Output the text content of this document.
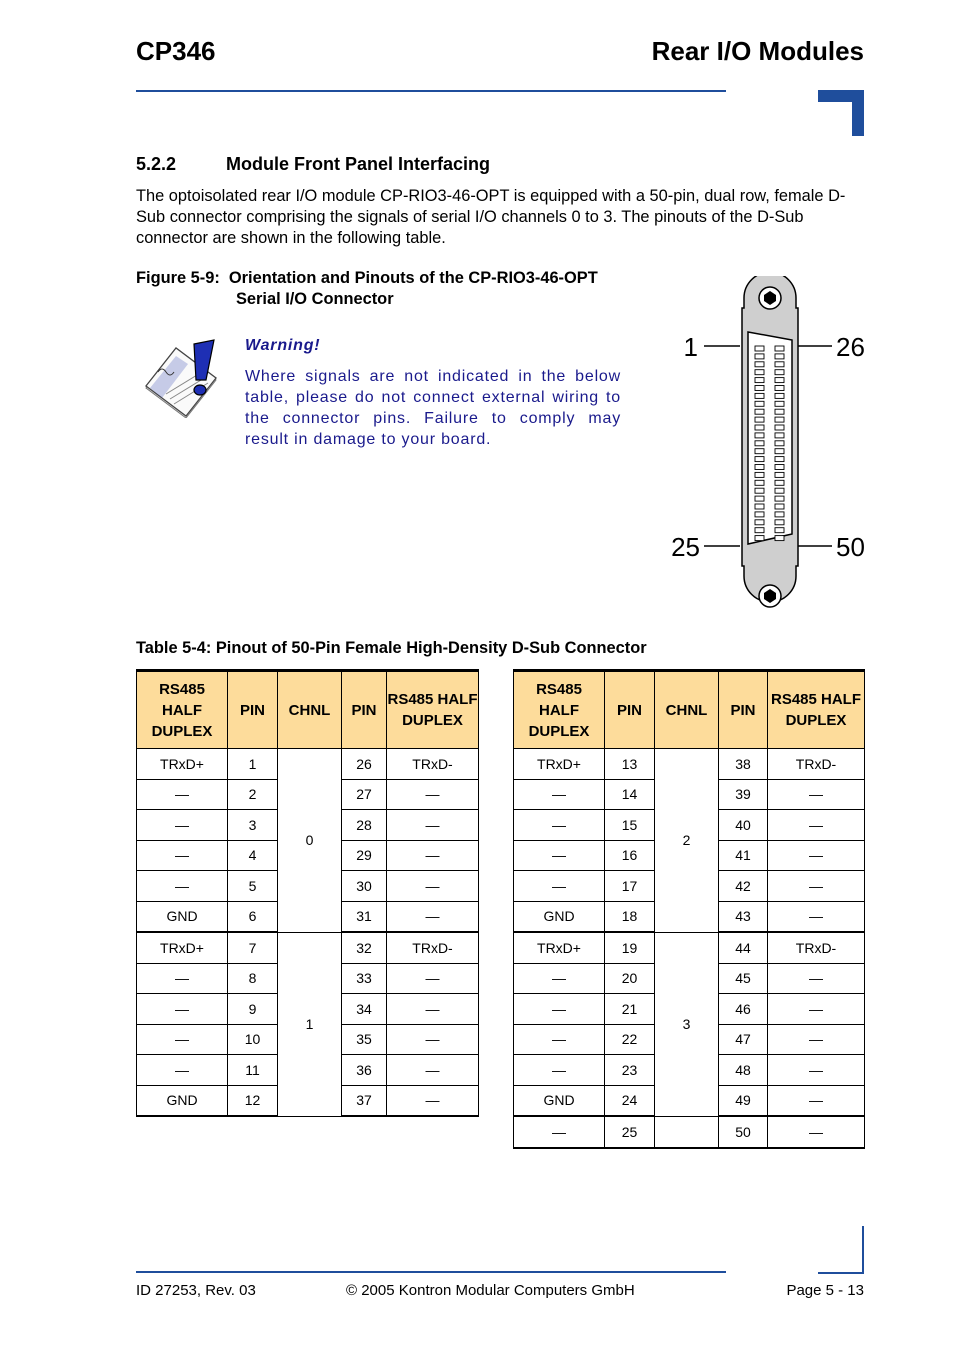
CP346	Rear I/O Modules
5.2.2	Module Front Panel Interfacing
The optoisolated rear I/O module CP-RIO3-46-OPT is equipped with a 50-pin, dual row, female D-Sub connector comprising the signals of serial I/O channels 0 to 3. The pinouts of the D-Sub connector are shown in the following table.
Figure 5-9: Orientation and Pinouts of the CP-RIO3-46-OPT
Serial I/O Connector
Warning!
Where signals are not indicated in the below table, please do not connect external wiring to the connector pins. Failure to comply may result in damage to your board.
1	26
25	50
Table 5-4: Pinout of 50-Pin Female High-Density D-Sub Connector
RS485 HALF DUPLEX	PIN	CHNL	PIN	RS485 HALF DUPLEX
TRxD+	1	0	26	TRxD-
—	2		27	—
—	3		28	—
—	4		29	—
—	5		30	—
GND	6		31	—
TRxD+	7	1	32	TRxD-
—	8		33	—
—	9		34	—
—	10		35	—
—	11		36	—
GND	12		37	—
RS485 HALF DUPLEX	PIN	CHNL	PIN	RS485 HALF DUPLEX
TRxD+	13	2	38	TRxD-
—	14		39	—
—	15		40	—
—	16		41	—
—	17		42	—
GND	18		43	—
TRxD+	19	3	44	TRxD-
—	20		45	—
—	21		46	—
—	22		47	—
—	23		48	—
GND	24		49	—
—	25		50	—
ID 27253, Rev. 03	© 2005 Kontron Modular Computers GmbH	Page 5 - 13
